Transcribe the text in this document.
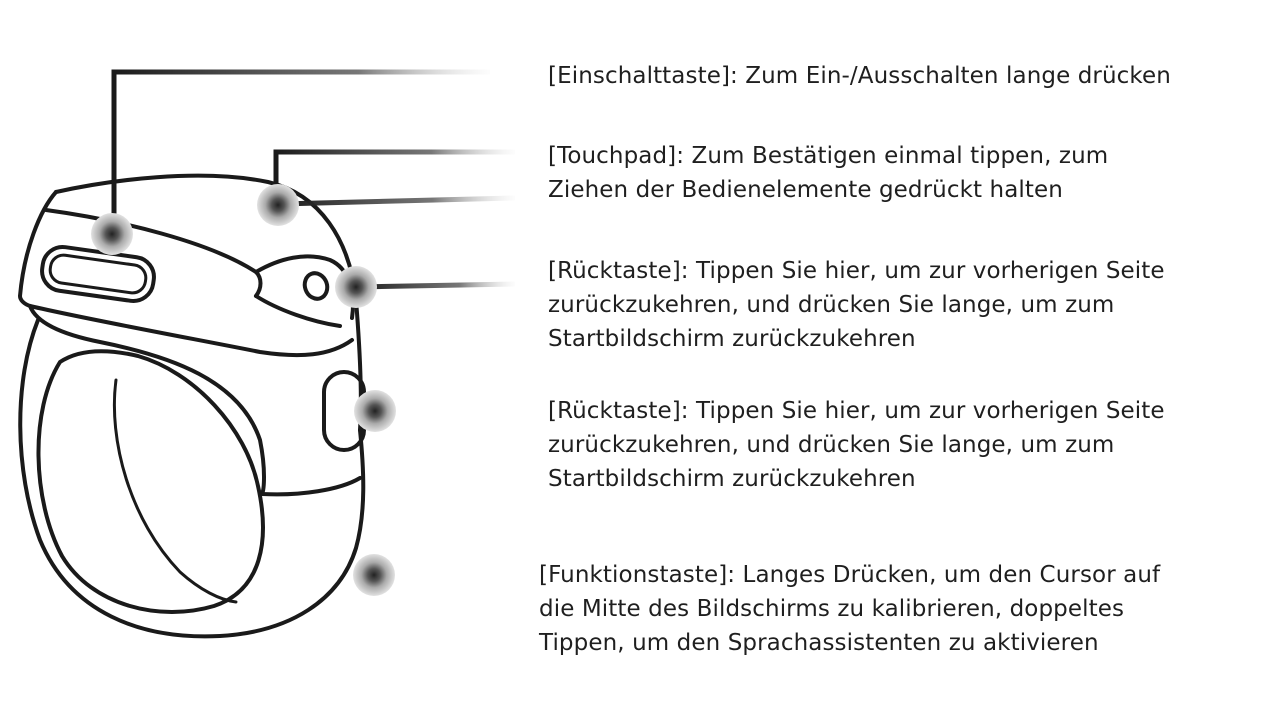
[Einschalttaste]: Zum Ein-/Ausschalten lange drücken

[Touchpad]: Zum Bestätigen einmal tippen, zum
Ziehen der Bedienelemente gedrückt halten

[Rücktaste]: Tippen Sie hier, um zur vorherigen Seite
zurückzukehren, und drücken Sie lange, um zum
Startbildschirm zurückzukehren

[Rücktaste]: Tippen Sie hier, um zur vorherigen Seite
zurückzukehren, und drücken Sie lange, um zum
Startbildschirm zurückzukehren

[Funktionstaste]: Langes Drücken, um den Cursor auf
die Mitte des Bildschirms zu kalibrieren, doppeltes
Tippen, um den Sprachassistenten zu aktivieren
